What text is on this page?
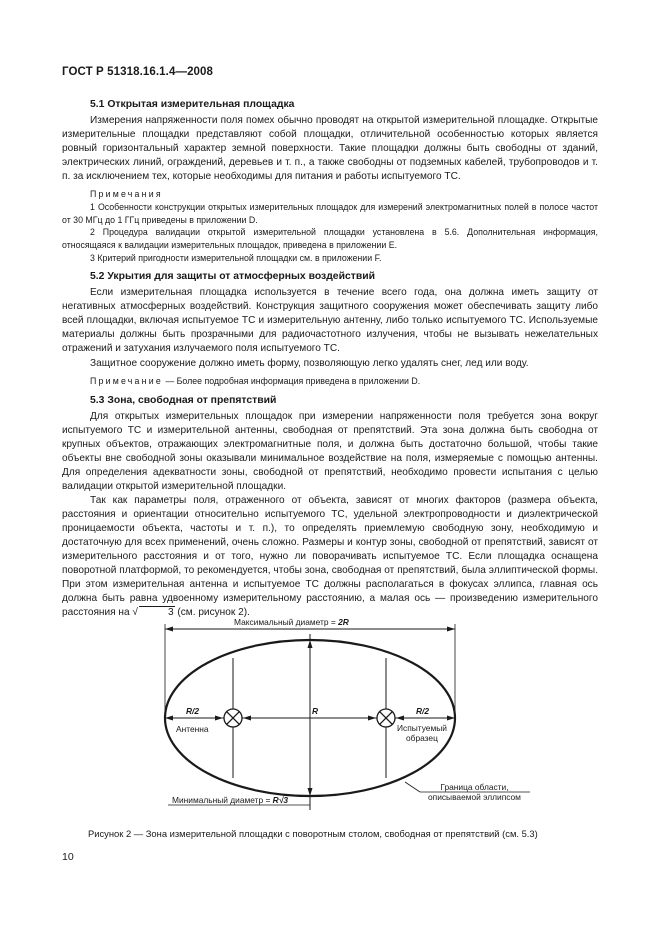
ГОСТ Р 51318.16.1.4—2008
5.1 Открытая измерительная площадка

Измерения напряженности поля помех обычно проводят на открытой измерительной площадке. Открытые измерительные площадки представляют собой площадки, отличительной особенностью которых является ровный горизонтальный характер земной поверхности. Такие площадки должны быть свободны от зданий, электрических линий, ограждений, деревьев и т. п., а также свободны от подземных кабелей, трубопроводов и т. п. за исключением тех, которые необходимы для питания и работы испытуемого ТС.

Примечания

1 Особенности конструкции открытых измерительных площадок для измерений электромагнитных полей в полосе частот от 30 МГц до 1 ГГц приведены в приложении D.

2 Процедура валидации открытой измерительной площадки установлена в 5.6. Дополнительная информация, относящаяся к валидации измерительных площадок, приведена в приложении Е.

3 Критерий пригодности измерительной площадки см. в приложении F.

5.2 Укрытия для защиты от атмосферных воздействий

Если измерительная площадка используется в течение всего года, она должна иметь защиту от негативных атмосферных воздействий. Конструкция защитного сооружения может обеспечивать защиту либо всей площадки, включая испытуемое ТС и измерительную антенну, либо только испытуемого ТС. Используемые материалы должны быть прозрачными для радиочастотного излучения, чтобы не вызывать нежелательных отражений и затухания излучаемого поля испытуемого ТС.

Защитное сооружение должно иметь форму, позволяющую легко удалять снег, лед или воду.

Примечание — Более подробная информация приведена в приложении D.
5.3 Зона, свободная от препятствий

Для открытых измерительных площадок при измерении напряженности поля требуется зона вокруг испытуемого ТС и измерительной антенны, свободная от препятствий. Эта зона должна быть свободна от крупных объектов, отражающих электромагнитные поля, и должна быть достаточно большой, чтобы такие объекты вне свободной зоны оказывали минимальное воздействие на поля, измеряемые с помощью антенны. Для определения адекватности зоны, свободной от препятствий, необходимо провести испытания с целью валидации открытой измерительной площадки.

Так как параметры поля, отраженного от объекта, зависят от многих факторов (размера объекта, расстояния и ориентации относительно испытуемого ТС, удельной электропроводности и диэлектрической проницаемости объекта, частоты и т. п.), то определять приемлемую свободную зону, необходимую и достаточную для всех применений, очень сложно. Размеры и контур зоны, свободной от препятствий, зависят от измерительного расстояния и от того, нужно ли поворачивать испытуемое ТС. Если площадка оснащена поворотной платформой, то рекомендуется, чтобы зона, свободная от препятствий, была эллиптической формы. При этом измерительная антенна и испытуемое ТС должны располагаться в фокусах эллипса, главная ось должна быть равна удвоенному измерительному расстоянию, а малая ось — произведению измерительного расстояния на √	3 (см. рисунок 2).

Максимальный диаметр = 2R
R/2	R/2
R
Антенна	Испытуемый
образец
Минимальный диаметр = R√3
Граница области,
описываемой эллипсом
Рисунок 2 — Зона измерительной площадки с поворотным столом, свободная от препятствий (см. 5.3)
10
